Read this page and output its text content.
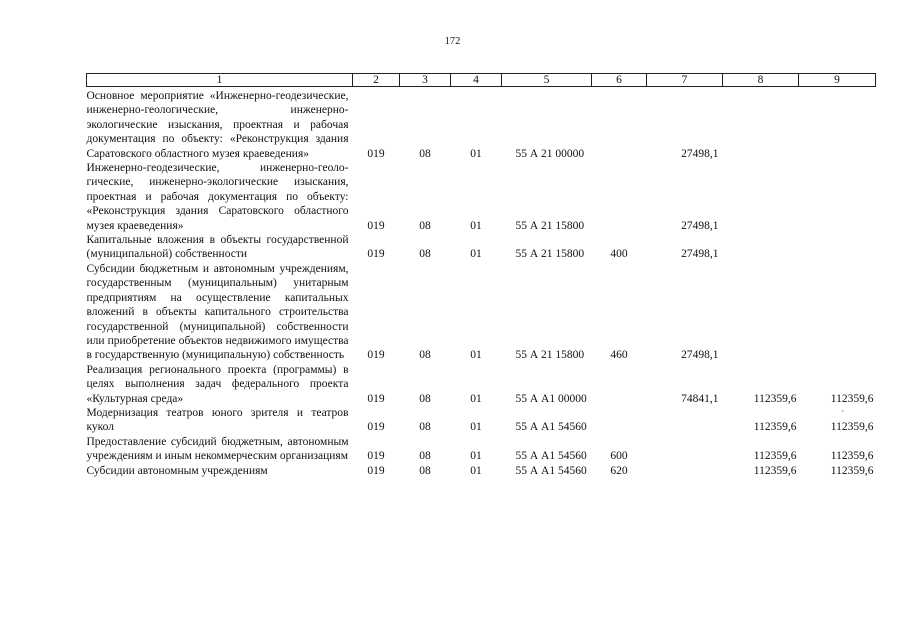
172
1	2	3	4	5	6	7	8	9

Основное мероприятие «Инженерно-геодезические, инженерно-геологические, инженерно-экологические изыскания, проектная и рабочая документация по объекту: «Реконструкция здания Саратовского областного музея краеведения»	019	08	01	55 А 21 00000		27498,1		
Инженерно-геодезические, инженерно-геологические, инженерно-экологические изыскания, проектная и рабочая документация по объекту: «Реконструкция здания Саратовского областного музея краеведения»	019	08	01	55 А 21 15800		27498,1		
Капитальные вложения в объекты государственной (муниципальной) собственности	019	08	01	55 А 21 15800	400	27498,1		
Субсидии бюджетным и автономным учреждениям, государственным (муниципальным) унитарным предприятиям на осуществление капитальных вложений в объекты капитального строительства государственной (муниципальной) собственности или приобретение объектов недвижимого имущества в государственную (муниципальную) собственность	019	08	01	55 А 21 15800	460	27498,1		
Реализация регионального проекта (программы) в целях выполнения задач федерального проекта «Культурная среда»	019	08	01	55 А А1 00000		74841,1	112359,6	112359,6
Модернизация театров юного зрителя и театров кукол	019	08	01	55 А А1 54560			112359,6	112359,6
Предоставление субсидий бюджетным, автономным учреждениям и иным некоммерческим организациям	019	08	01	55 А А1 54560	600		112359,6	112359,6
Субсидии автономным учреждениям	019	08	01	55 А А1 54560	620		112359,6	112359,6
ˋ
